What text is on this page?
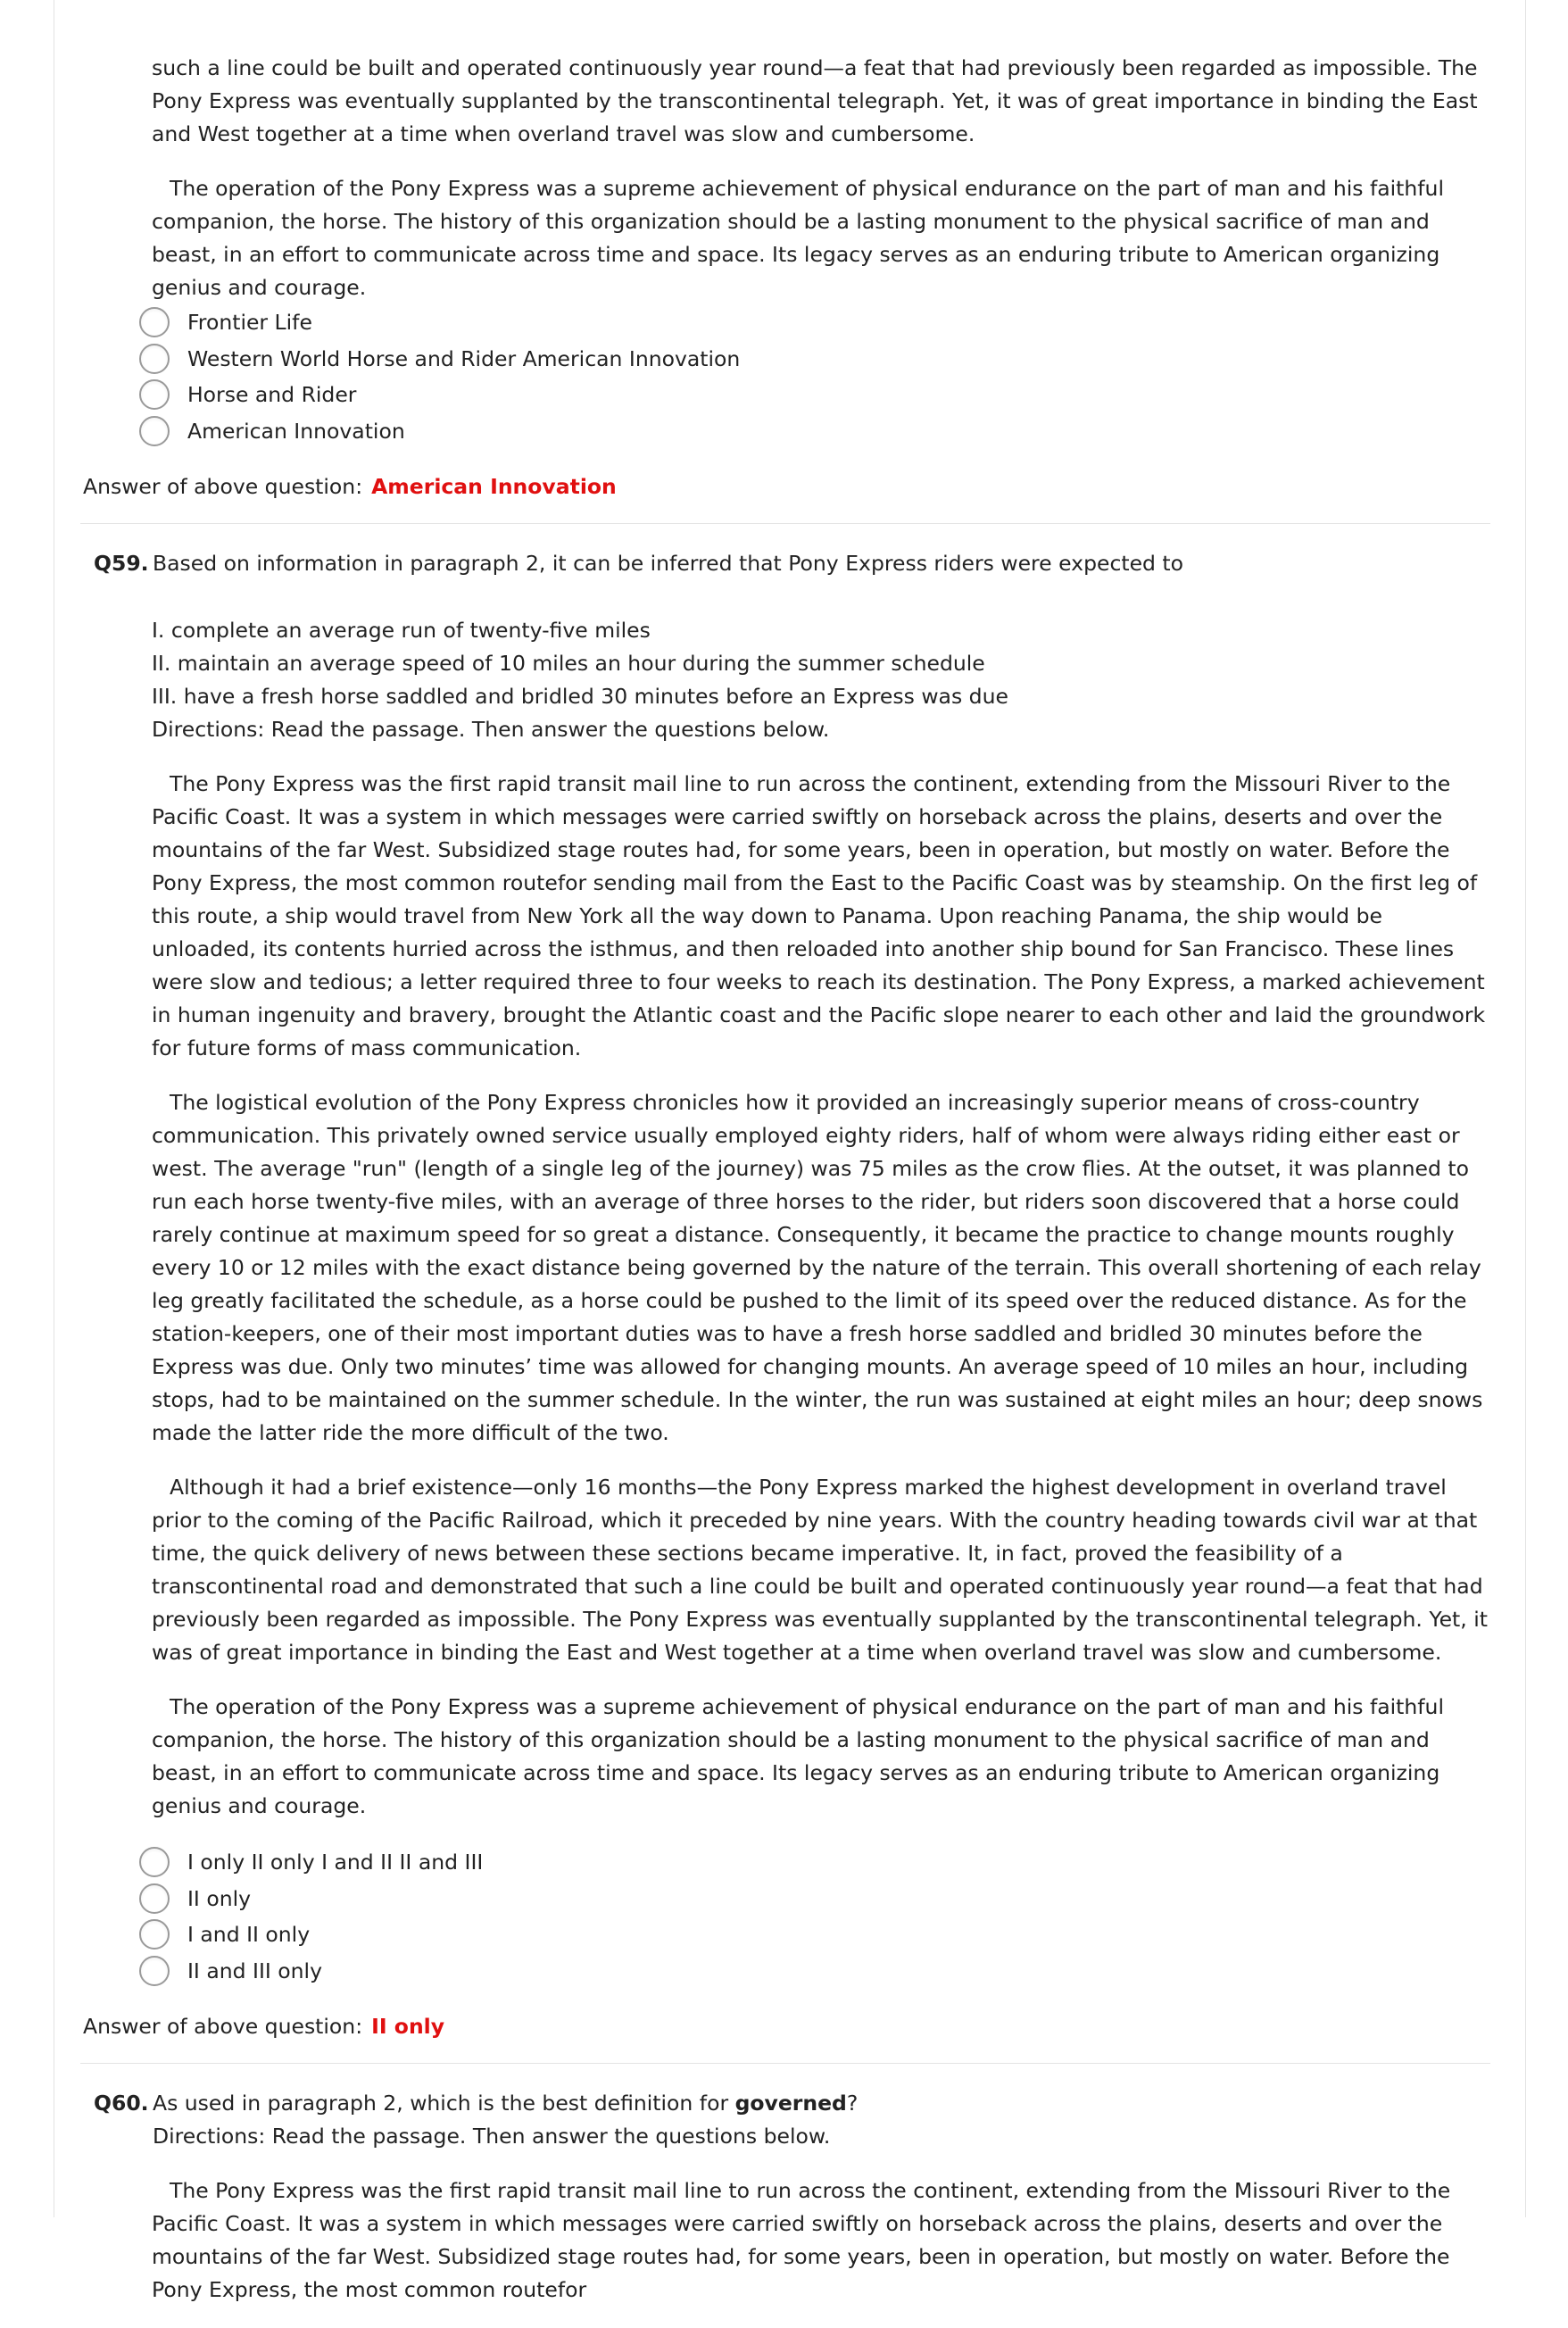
such a line could be built and operated continuously year round—a feat that had previously been regarded as impossible. The Pony Express was eventually supplanted by the transcontinental telegraph. Yet, it was of great importance in binding the East and West together at a time when overland travel was slow and cumbersome.

The operation of the Pony Express was a supreme achievement of physical endurance on the part of man and his faithful companion, the horse. The history of this organization should be a lasting monument to the physical sacrifice of man and beast, in an effort to communicate across time and space. Its legacy serves as an enduring tribute to American organizing genius and courage.

Frontier Life
Western World Horse and Rider American Innovation
Horse and Rider
American Innovation
Answer of above question: American Innovation
Q59. Based on information in paragraph 2, it can be inferred that Pony Express riders were expected to
I. complete an average run of twenty-five miles
II. maintain an average speed of 10 miles an hour during the summer schedule
III. have a fresh horse saddled and bridled 30 minutes before an Express was due
Directions: Read the passage. Then answer the questions below.

The Pony Express was the first rapid transit mail line to run across the continent, extending from the Missouri River to the Pacific Coast. It was a system in which messages were carried swiftly on horseback across the plains, deserts and over the mountains of the far West. Subsidized stage routes had, for some years, been in operation, but mostly on water. Before the Pony Express, the most common routefor sending mail from the East to the Pacific Coast was by steamship. On the first leg of this route, a ship would travel from New York all the way down to Panama. Upon reaching Panama, the ship would be unloaded, its contents hurried across the isthmus, and then reloaded into another ship bound for San Francisco. These lines were slow and tedious; a letter required three to four weeks to reach its destination. The Pony Express, a marked achievement in human ingenuity and bravery, brought the Atlantic coast and the Pacific slope nearer to each other and laid the groundwork for future forms of mass communication.

The logistical evolution of the Pony Express chronicles how it provided an increasingly superior means of cross-country communication. This privately owned service usually employed eighty riders, half of whom were always riding either east or west. The average "run" (length of a single leg of the journey) was 75 miles as the crow flies. At the outset, it was planned to run each horse twenty-five miles, with an average of three horses to the rider, but riders soon discovered that a horse could rarely continue at maximum speed for so great a distance. Consequently, it became the practice to change mounts roughly every 10 or 12 miles with the exact distance being governed by the nature of the terrain. This overall shortening of each relay leg greatly facilitated the schedule, as a horse could be pushed to the limit of its speed over the reduced distance. As for the station-keepers, one of their most important duties was to have a fresh horse saddled and bridled 30 minutes before the Express was due. Only two minutes’ time was allowed for changing mounts. An average speed of 10 miles an hour, including stops, had to be maintained on the summer schedule. In the winter, the run was sustained at eight miles an hour; deep snows made the latter ride the more difficult of the two.

Although it had a brief existence—only 16 months—the Pony Express marked the highest development in overland travel prior to the coming of the Pacific Railroad, which it preceded by nine years. With the country heading towards civil war at that time, the quick delivery of news between these sections became imperative. It, in fact, proved the feasibility of a transcontinental road and demonstrated that such a line could be built and operated continuously year round—a feat that had previously been regarded as impossible. The Pony Express was eventually supplanted by the transcontinental telegraph. Yet, it was of great importance in binding the East and West together at a time when overland travel was slow and cumbersome.

The operation of the Pony Express was a supreme achievement of physical endurance on the part of man and his faithful companion, the horse. The history of this organization should be a lasting monument to the physical sacrifice of man and beast, in an effort to communicate across time and space. Its legacy serves as an enduring tribute to American organizing genius and courage.

I only II only I and II II and III
II only
I and II only
II and III only
Answer of above question: II only
Q60. As used in paragraph 2, which is the best definition for governed?
Directions: Read the passage. Then answer the questions below.

The Pony Express was the first rapid transit mail line to run across the continent, extending from the Missouri River to the Pacific Coast. It was a system in which messages were carried swiftly on horseback across the plains, deserts and over the mountains of the far West. Subsidized stage routes had, for some years, been in operation, but mostly on water. Before the Pony Express, the most common routefor
